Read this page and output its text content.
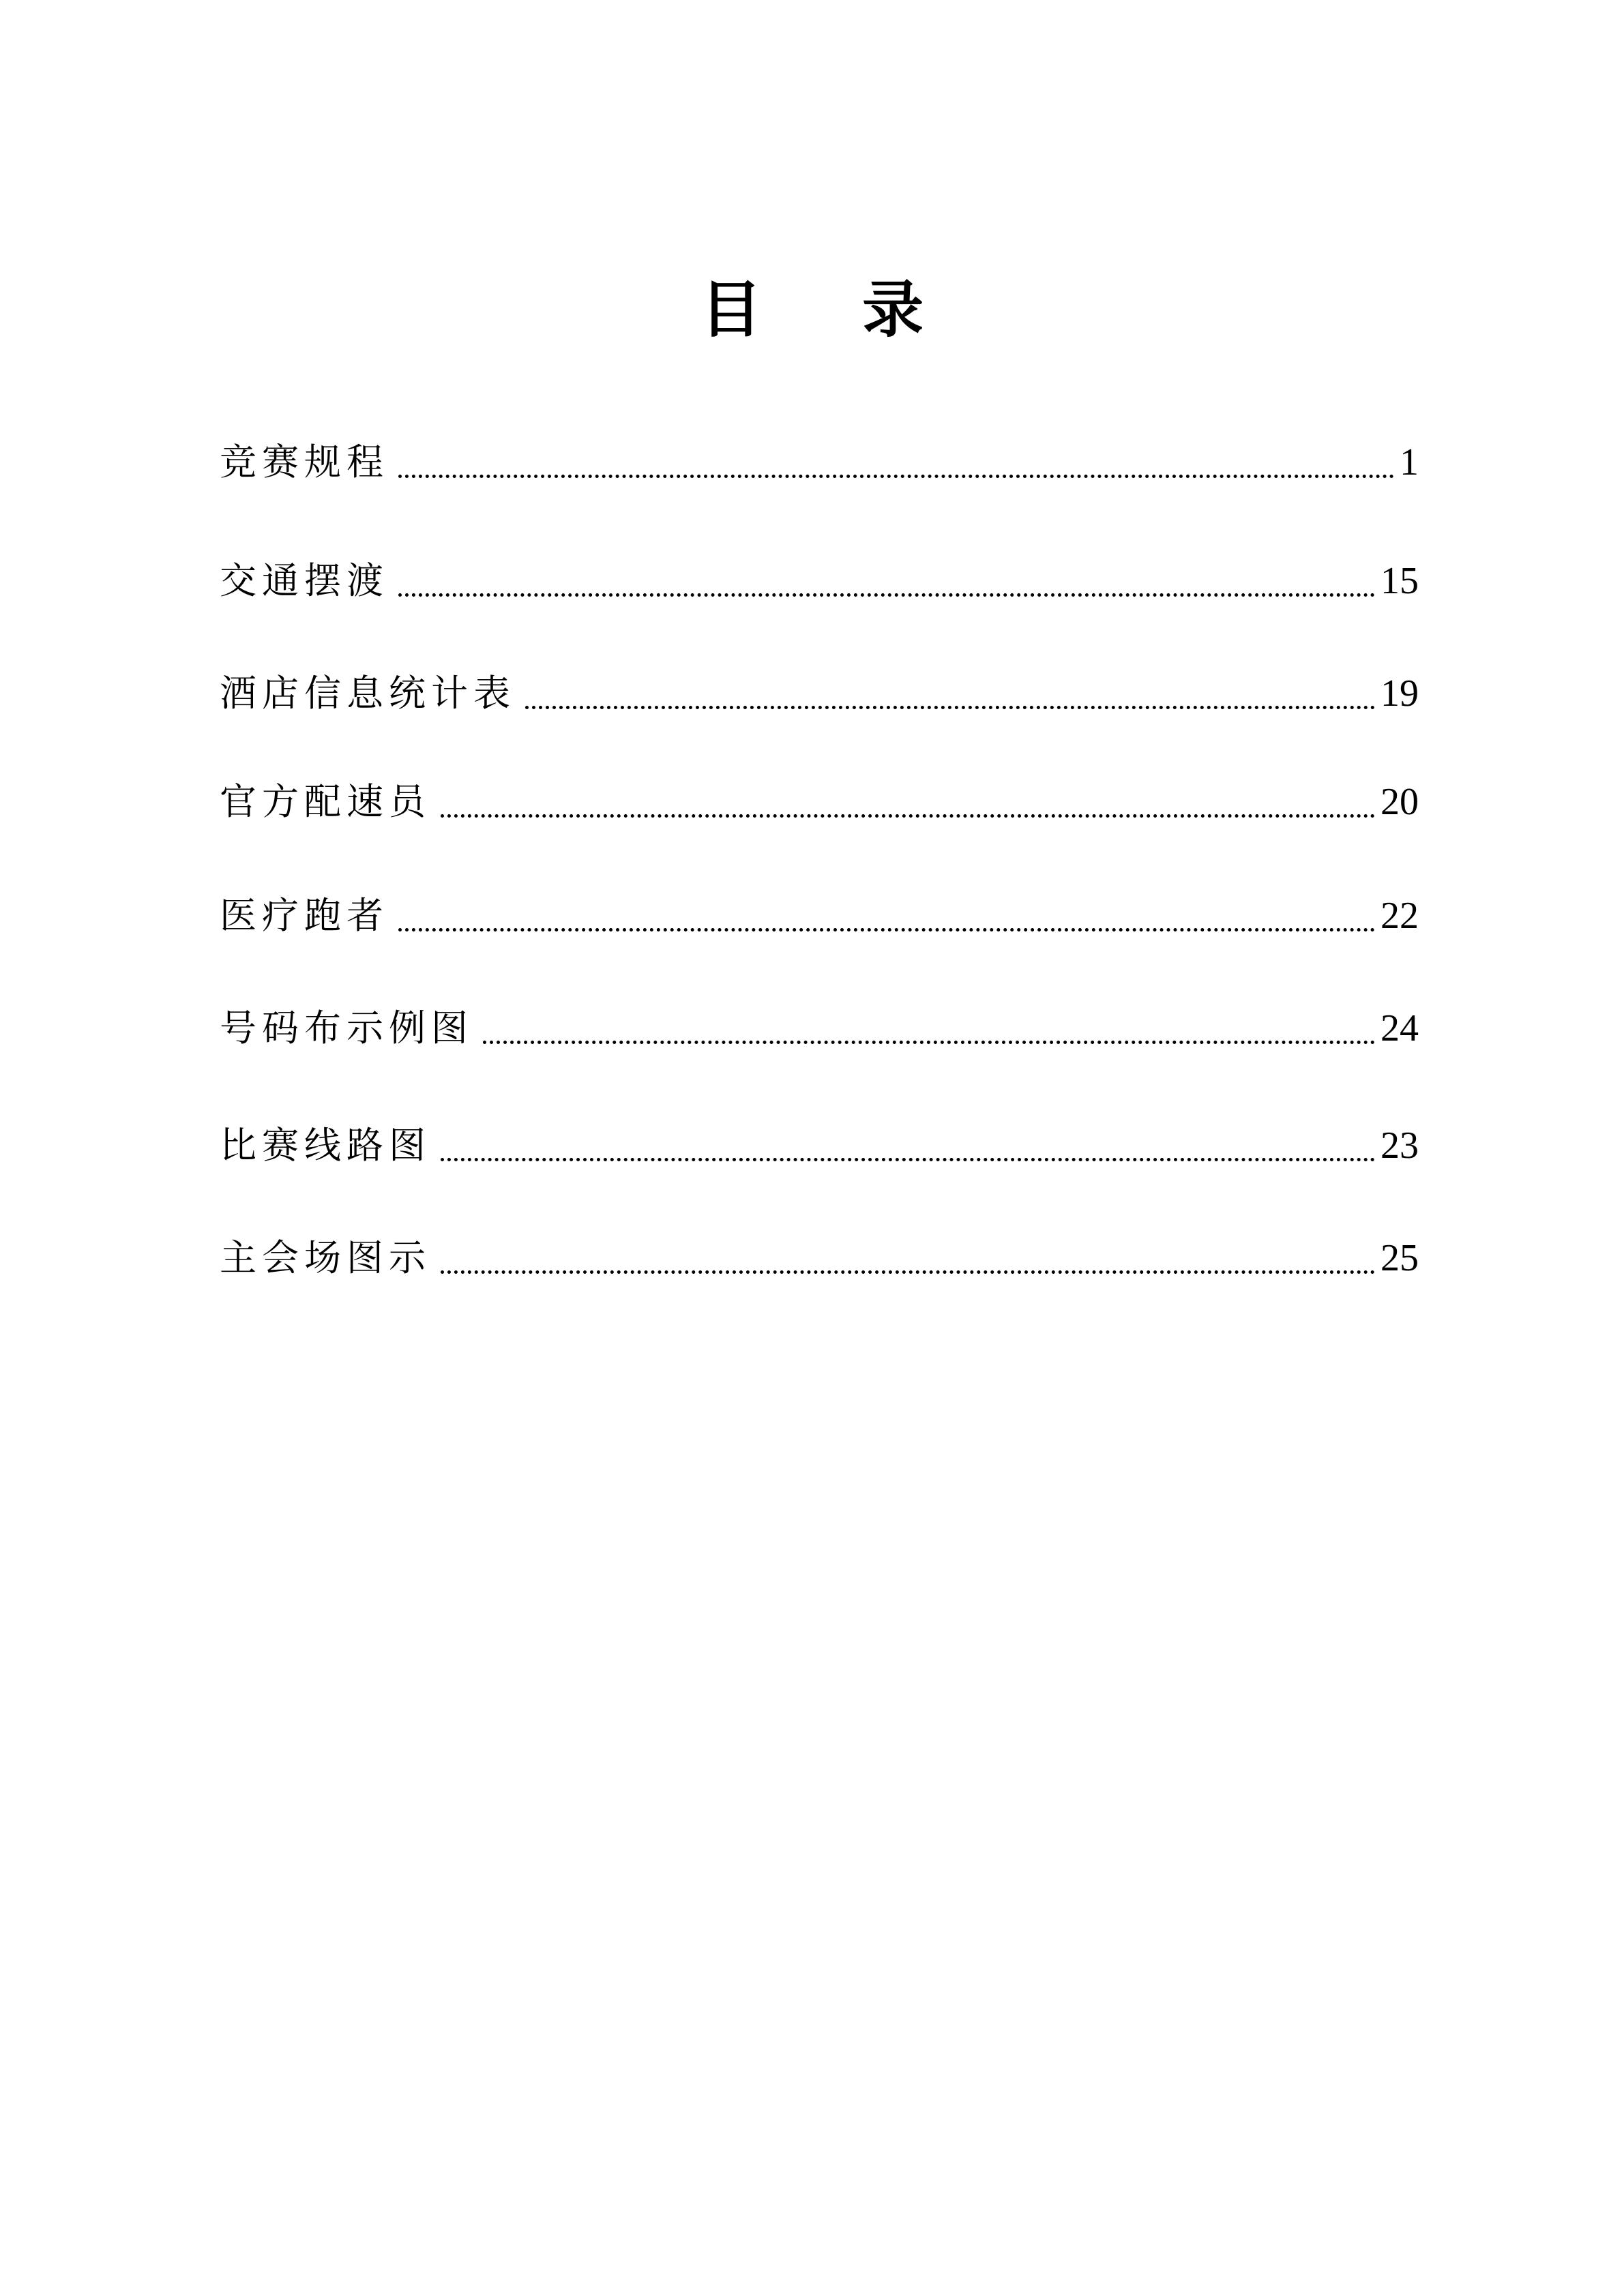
目 录
竞赛规程	1
交通摆渡	15
酒店信息统计表	19
官方配速员	20
医疗跑者	22
号码布示例图	24
比赛线路图	23
主会场图示	25
